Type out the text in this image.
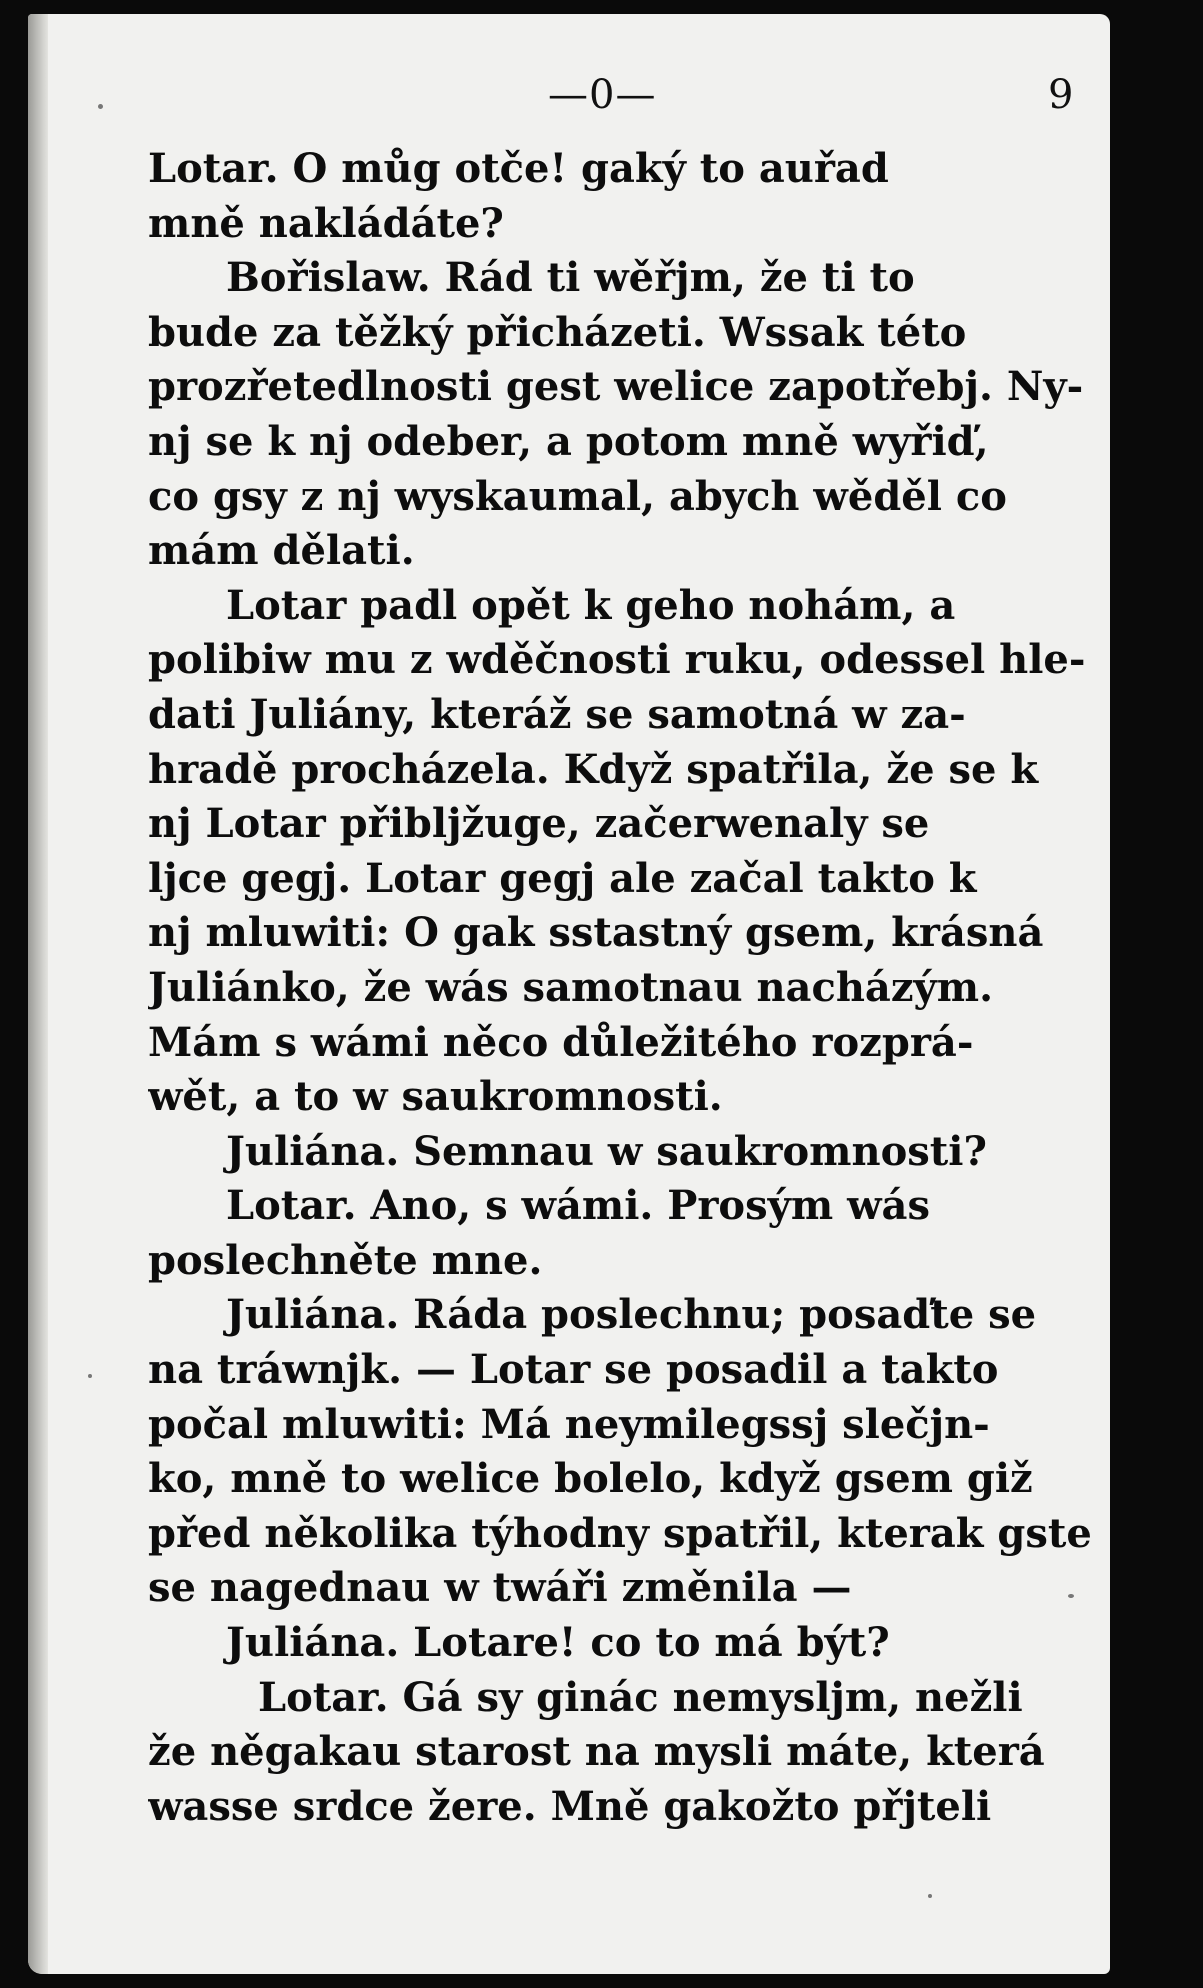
—0—	9
Lotar. O můg otče! gaký to auřad
mně nakládáte?
Bořislaw. Rád ti wěřjm, že ti to
bude za těžký přicházeti. Wssak této
prozřetedlnosti gest welice zapotřebj. Ny-
nj se k nj odeber, a potom mně wyřiď,
co gsy z nj wyskaumal, abych wěděl co
mám dělati.
Lotar padl opět k geho nohám, a
polibiw mu z wděčnosti ruku, odessel hle-
dati Juliány, kteráž se samotná w za-
hradě procházela. Když spatřila, že se k
nj Lotar přibljžuge, začerwenaly se
ljce gegj. Lotar gegj ale začal takto k
nj mluwiti: O gak sstastný gsem, krásná
Juliánko, že wás samotnau nacházým.
Mám s wámi něco důležitého rozprá-
wět, a to w saukromnosti.
Juliána. Semnau w saukromnosti?
Lotar. Ano, s wámi. Prosým wás
poslechněte mne.
Juliána. Ráda poslechnu; posaďte se
na tráwnjk. — Lotar se posadil a takto
počal mluwiti: Má neymilegssj slečjn-
ko, mně to welice bolelo, když gsem giž
před několika týhodny spatřil, kterak gste
se nagednau w twáři změnila —
Juliána. Lotare! co to má být?
Lotar. Gá sy ginác nemysljm, nežli
že něgakau starost na mysli máte, která
wasse srdce žere. Mně gakožto přjteli
